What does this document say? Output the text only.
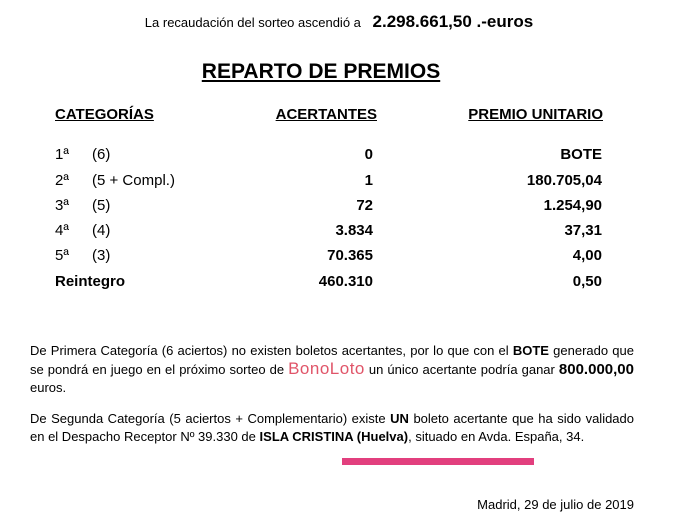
La recaudación del sorteo ascendió a 2.298.661,50 .-euros
REPARTO DE PREMIOS
CATEGORÍAS	ACERTANTES	PREMIO UNITARIO
1ª (6)	0	BOTE
2ª (5 + Compl.)	1	180.705,04
3ª (5)	72	1.254,90
4ª (4)	3.834	37,31
5ª (3)	70.365	4,00
Reintegro	460.310	0,50
De Primera Categoría (6 aciertos) no existen boletos acertantes, por lo que con el BOTE generado que se pondrá en juego en el próximo sorteo de BonoLoto un único acertante podría ganar 800.000,00 euros.
De Segunda Categoría (5 aciertos + Complementario) existe UN boleto acertante que ha sido validado en el Despacho Receptor Nº 39.330 de ISLA CRISTINA (Huelva), situado en Avda. España, 34.
Madrid, 29 de julio de 2019
